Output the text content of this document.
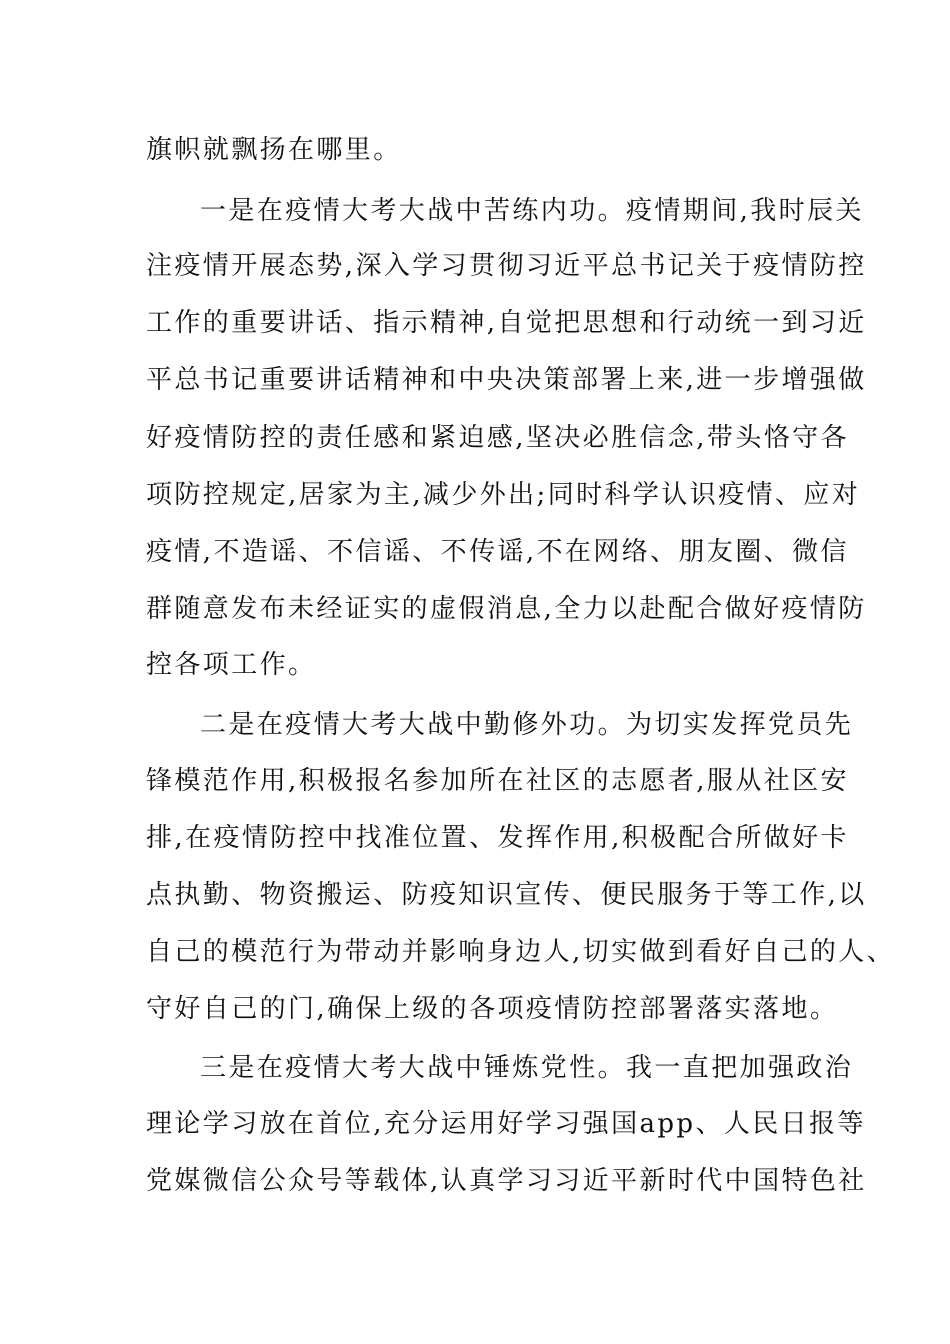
旗帜就飘扬在哪里。
一是在疫情大考大战中苦练内功。疫情期间,我时辰关
注疫情开展态势,深入学习贯彻习近平总书记关于疫情防控
工作的重要讲话、指示精神,自觉把思想和行动统一到习近
平总书记重要讲话精神和中央决策部署上来,进一步增强做
好疫情防控的责任感和紧迫感,坚决必胜信念,带头恪守各
项防控规定,居家为主,减少外出;同时科学认识疫情、应对
疫情,不造谣、不信谣、不传谣,不在网络、朋友圈、微信
群随意发布未经证实的虚假消息,全力以赴配合做好疫情防
控各项工作。
二是在疫情大考大战中勤修外功。为切实发挥党员先
锋模范作用,积极报名参加所在社区的志愿者,服从社区安
排,在疫情防控中找准位置、发挥作用,积极配合所做好卡
点执勤、物资搬运、防疫知识宣传、便民服务于等工作,以
自己的模范行为带动并影响身边人,切实做到看好自己的人、
守好自己的门,确保上级的各项疫情防控部署落实落地。
三是在疫情大考大战中锤炼党性。我一直把加强政治
理论学习放在首位,充分运用好学习强国app、人民日报等
党媒微信公众号等载体,认真学习习近平新时代中国特色社
